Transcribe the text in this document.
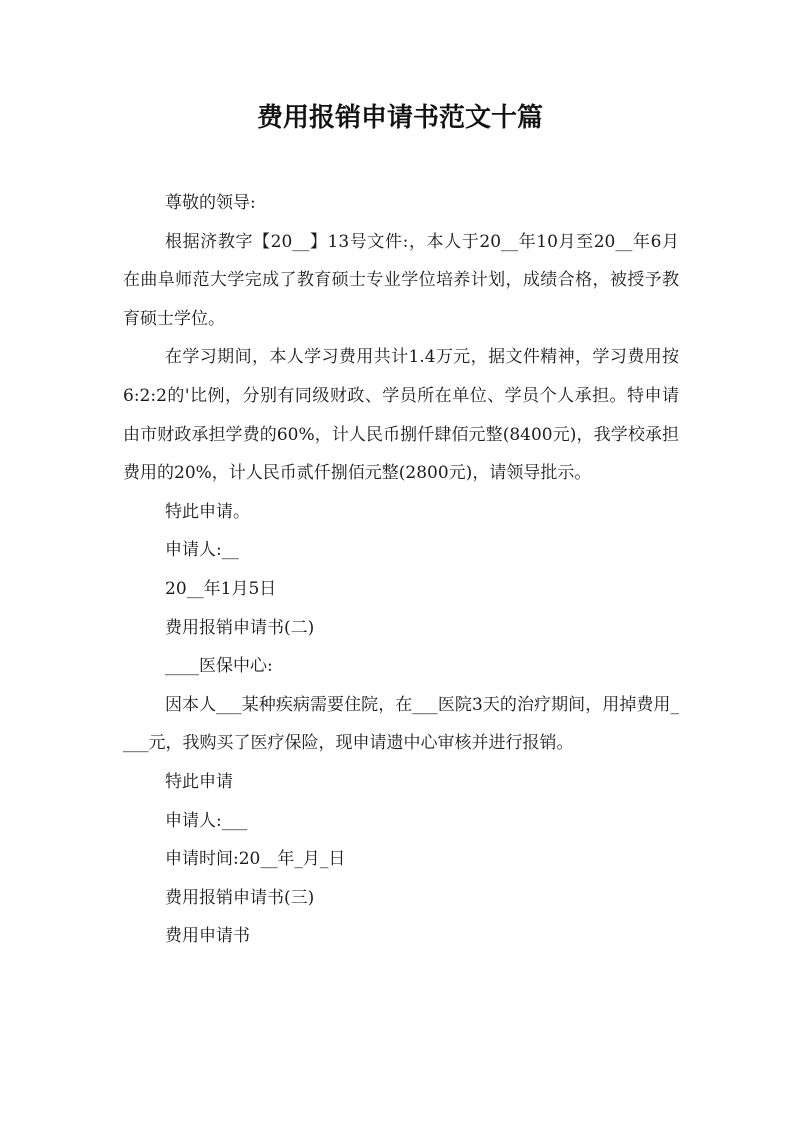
费用报销申请书范文十篇

尊敬的领导:

根据济教字【20__】13号文件:，本人于20__年10月至20__年6月在曲阜师范大学完成了教育硕士专业学位培养计划，成绩合格，被授予教育硕士学位。

在学习期间，本人学习费用共计1.4万元，据文件精神，学习费用按6:2:2的'比例，分别有同级财政、学员所在单位、学员个人承担。特申请由市财政承担学费的60%，计人民币捌仟肆佰元整(8400元)，我学校承担费用的20%，计人民币贰仟捌佰元整(2800元)，请领导批示。

特此申请。

申请人:__

20__年1月5日

费用报销申请书(二)

____医保中心:

因本人___某种疾病需要住院，在___医院3天的治疗期间，用掉费用____元，我购买了医疗保险，现申请遗中心审核并进行报销。

特此申请

申请人:___

申请时间:20__年_月_日

费用报销申请书(三)

费用申请书
